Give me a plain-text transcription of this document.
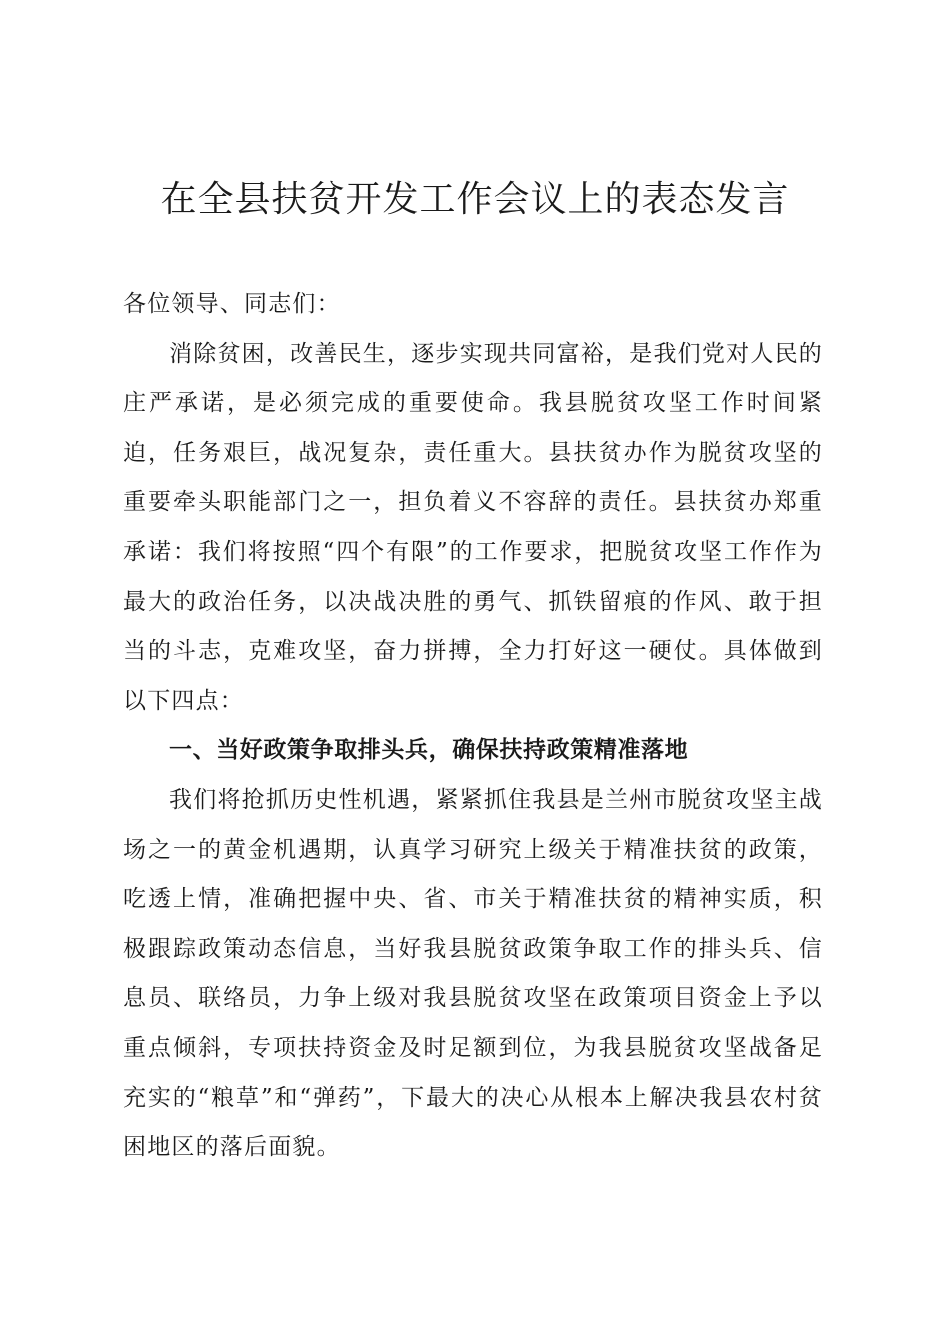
在全县扶贫开发工作会议上的表态发言

各位领导、同志们：

消除贫困，改善民生，逐步实现共同富裕，是我们党对人民的庄严承诺，是必须完成的重要使命。我县脱贫攻坚工作时间紧迫，任务艰巨，战况复杂，责任重大。县扶贫办作为脱贫攻坚的重要牵头职能部门之一，担负着义不容辞的责任。县扶贫办郑重承诺：我们将按照“四个有限”的工作要求，把脱贫攻坚工作作为最大的政治任务，以决战决胜的勇气、抓铁留痕的作风、敢于担当的斗志，克难攻坚，奋力拼搏，全力打好这一硬仗。具体做到以下四点：

一、当好政策争取排头兵，确保扶持政策精准落地

我们将抢抓历史性机遇，紧紧抓住我县是兰州市脱贫攻坚主战场之一的黄金机遇期，认真学习研究上级关于精准扶贫的政策，吃透上情，准确把握中央、省、市关于精准扶贫的精神实质，积极跟踪政策动态信息，当好我县脱贫政策争取工作的排头兵、信息员、联络员，力争上级对我县脱贫攻坚在政策项目资金上予以重点倾斜，专项扶持资金及时足额到位，为我县脱贫攻坚战备足充实的“粮草”和“弹药”，下最大的决心从根本上解决我县农村贫困地区的落后面貌。
